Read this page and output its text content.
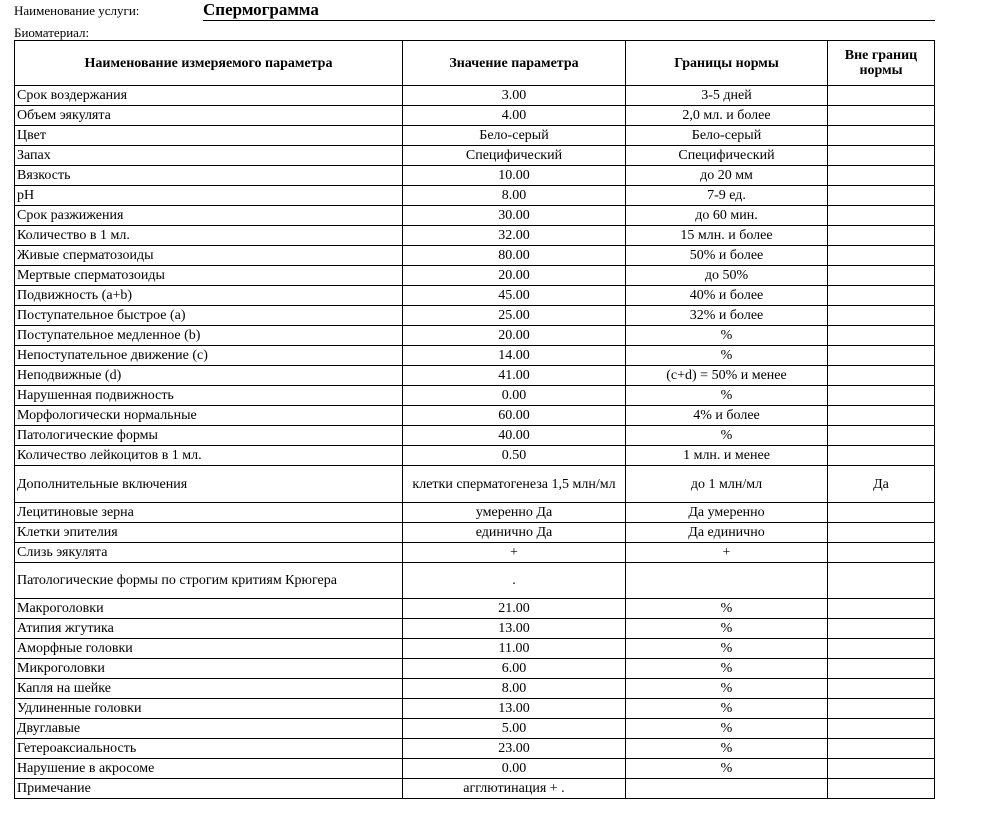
Наименование услуги:	Спермограмма
Биоматериал:
Наименование измеряемого параметра	Значение параметра	Границы нормы	Вне границ нормы
Срок воздержания	3.00	3-5 дней	
Объем эякулята	4.00	2,0 мл. и более	
Цвет	Бело-серый	Бело-серый	
Запах	Специфический	Специфический	
Вязкость	10.00	до 20 мм	
pH	8.00	7-9 ед.	
Срок разжижения	30.00	до 60 мин.	
Количество в 1 мл.	32.00	15 млн. и более	
Живые сперматозоиды	80.00	50% и более	
Мертвые сперматозоиды	20.00	до 50%	
Подвижность (a+b)	45.00	40% и более	
Поступательное быстрое (а)	25.00	32% и более	
Поступательное медленное (b)	20.00	%	
Непоступательное движение (c)	14.00	%	
Неподвижные (d)	41.00	(c+d) = 50% и менее	
Нарушенная подвижность	0.00	%	
Морфологически нормальные	60.00	4% и более	
Патологические формы	40.00	%	
Количество лейкоцитов в 1 мл.	0.50	1 млн. и менее	
Дополнительные включения	клетки сперматогенеза 1,5 млн/мл	до 1 млн/мл	Да
Лецитиновые зерна	умеренно Да	Да умеренно	
Клетки эпителия	единично Да	Да единично	
Слизь эякулята	+	+	
Патологические формы по строгим критиям Крюгера	.		
Макроголовки	21.00	%	
Атипия жгутика	13.00	%	
Аморфные головки	11.00	%	
Микроголовки	6.00	%	
Капля на шейке	8.00	%	
Удлиненные головки	13.00	%	
Двуглавые	5.00	%	
Гетероаксиальность	23.00	%	
Нарушение в акросоме	0.00	%	
Примечание	агглютинация + .		
